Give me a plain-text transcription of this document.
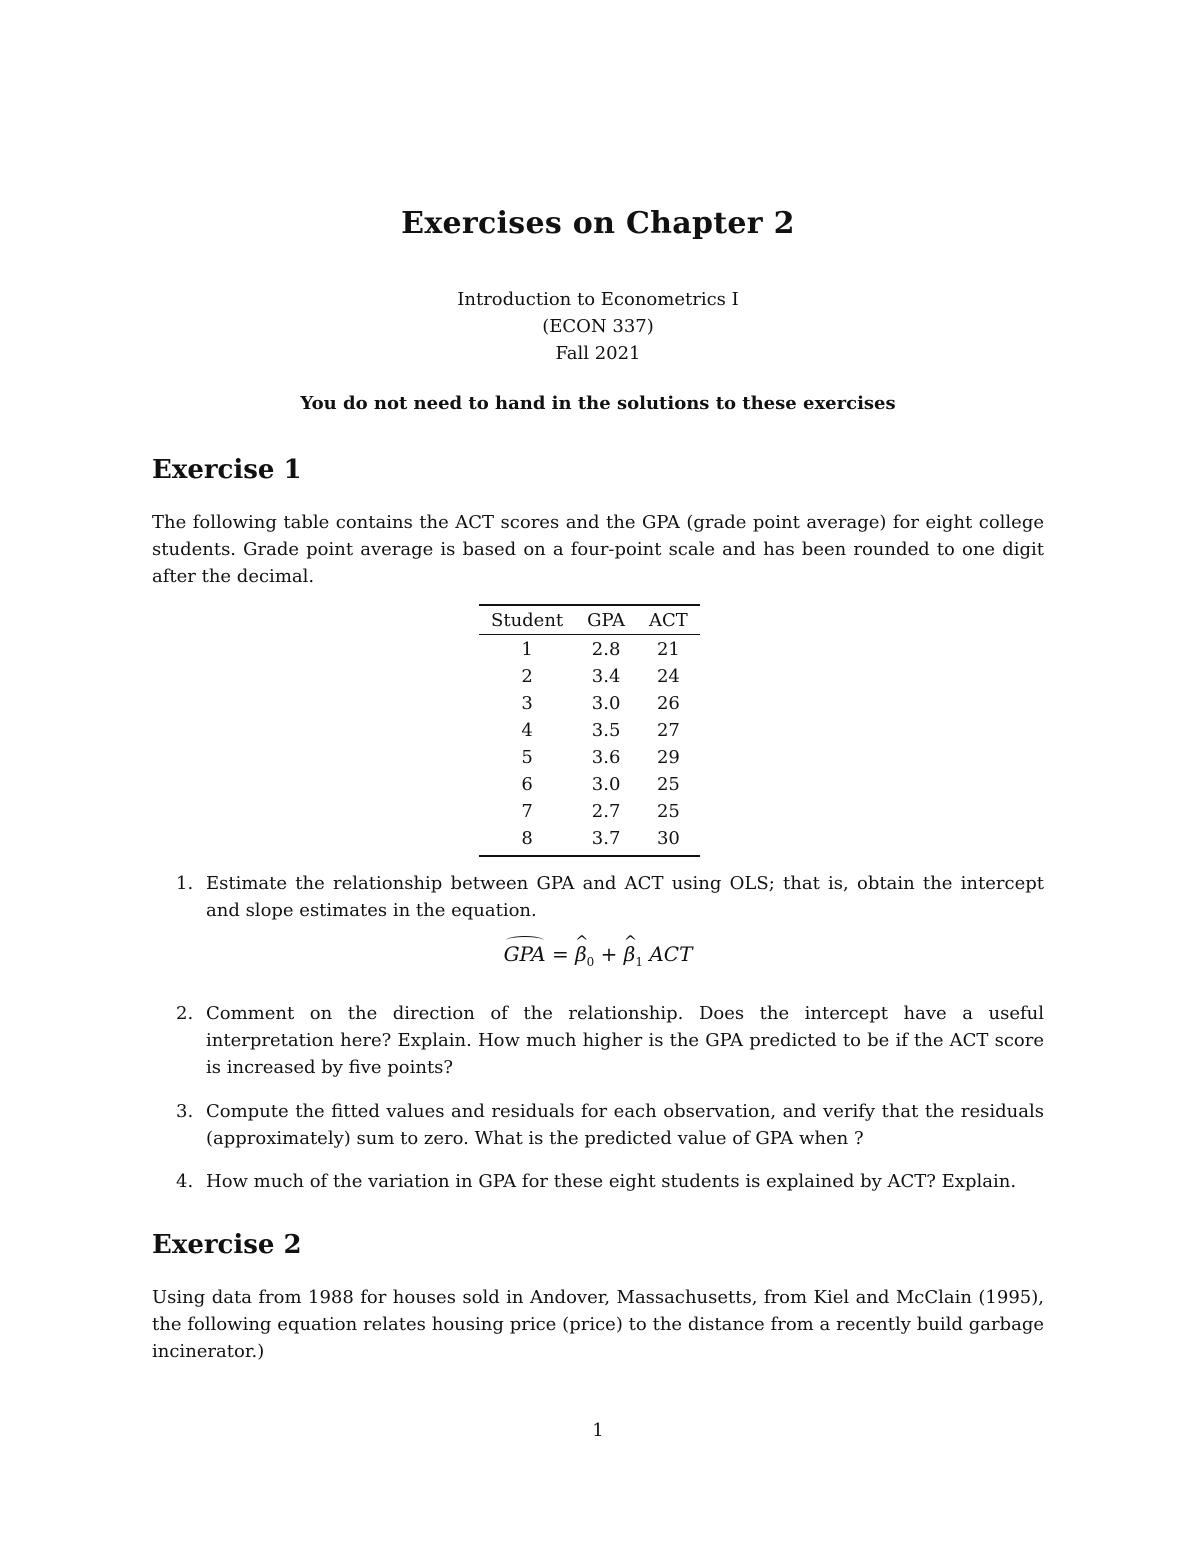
Exercises on Chapter 2
Introduction to Econometrics I
(ECON 337)
Fall 2021
You do not need to hand in the solutions to these exercises
Exercise 1
The following table contains the ACT scores and the GPA (grade point average) for eight college students. Grade point average is based on a four-point scale and has been rounded to one digit after the decimal.
Student	GPA	ACT
1	2.8	21
2	3.4	24
3	3.0	26
4	3.5	27
5	3.6	29
6	3.0	25
7	2.7	25
8	3.7	30
1. Estimate the relationship between GPA and ACT using OLS; that is, obtain the intercept and slope estimates in the equation.
2. Comment on the direction of the relationship. Does the intercept have a useful interpretation here? Explain. How much higher is the GPA predicted to be if the ACT score is increased by five points?
3. Compute the fitted values and residuals for each observation, and verify that the residuals (approximately) sum to zero. What is the predicted value of GPA when ?
4. How much of the variation in GPA for these eight students is explained by ACT? Explain.
GPA = ^ $\beta_0$ + ^ $\beta_1$ ACT
Exercise 2
Using data from 1988 for houses sold in Andover, Massachusetts, from Kiel and McClain (1995), the following equation relates housing price (price) to the distance from a recently build garbage incinerator.)
1
